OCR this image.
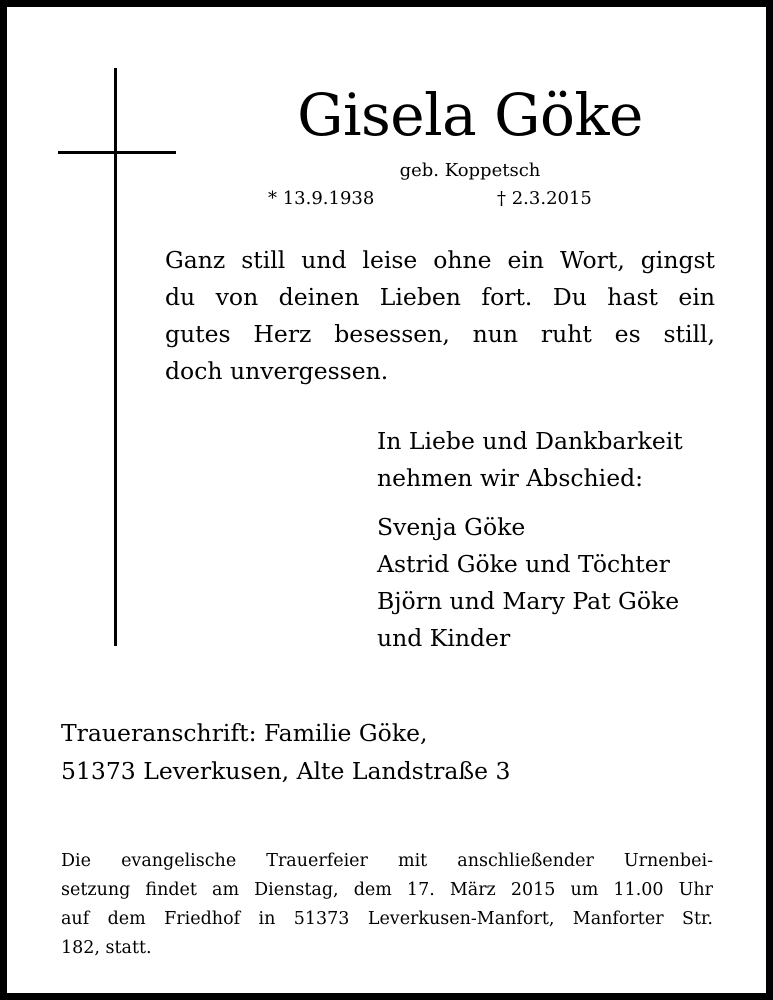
Gisela Göke
geb. Koppetsch
* 13.9.1938	† 2.3.2015
Ganz still und leise ohne ein Wort, gingst
du von deinen Lieben fort. Du hast ein
gutes Herz besessen, nun ruht es still,
doch unvergessen.
In Liebe und Dankbarkeit
nehmen wir Abschied:
Svenja Göke
Astrid Göke und Töchter
Björn und Mary Pat Göke
und Kinder
Traueranschrift: Familie Göke,
51373 Leverkusen, Alte Landstraße 3
Die evangelische Trauerfeier mit anschließender Urnenbei-
setzung findet am Dienstag, dem 17. März 2015 um 11.00 Uhr
auf dem Friedhof in 51373 Leverkusen-Manfort, Manforter Str.
182, statt.
